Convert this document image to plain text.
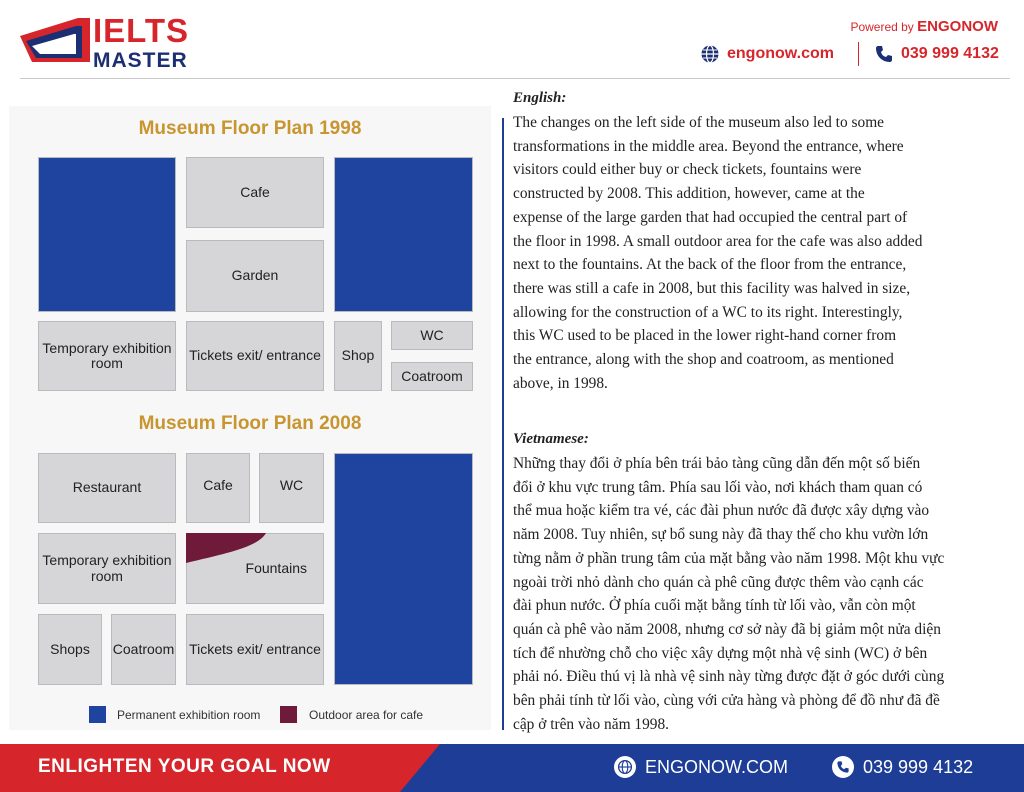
IELTS
MASTER
Powered by ENGONOW
engonow.com	039 999 4132
Museum Floor Plan 1998
Cafe
Garden
Temporary exhibition room	Tickets exit/ entrance	Shop
WC
Coatroom
Museum Floor Plan 2008
Restaurant	Cafe	WC
Temporary exhibition room	Fountains
Shops	Coatroom Tickets exit/ entrance
Permanent exhibition room	Outdoor area for cafe
English:
The changes on the left side of the museum also led to some
transformations in the middle area. Beyond the entrance, where
visitors could either buy or check tickets, fountains were
constructed by 2008. This addition, however, came at the
expense of the large garden that had occupied the central part of
the floor in 1998. A small outdoor area for the cafe was also added
next to the fountains. At the back of the floor from the entrance,
there was still a cafe in 2008, but this facility was halved in size,
allowing for the construction of a WC to its right. Interestingly,
this WC used to be placed in the lower right-hand corner from
the entrance, along with the shop and coatroom, as mentioned
above, in 1998.
Vietnamese:
Những thay đổi ở phía bên trái bảo tàng cũng dẫn đến một số biến
đổi ở khu vực trung tâm. Phía sau lối vào, nơi khách tham quan có
thể mua hoặc kiểm tra vé, các đài phun nước đã được xây dựng vào
năm 2008. Tuy nhiên, sự bổ sung này đã thay thế cho khu vườn lớn
từng nằm ở phần trung tâm của mặt bằng vào năm 1998. Một khu vực
ngoài trời nhỏ dành cho quán cà phê cũng được thêm vào cạnh các
đài phun nước. Ở phía cuối mặt bằng tính từ lối vào, vẫn còn một
quán cà phê vào năm 2008, nhưng cơ sở này đã bị giảm một nửa diện
tích để nhường chỗ cho việc xây dựng một nhà vệ sinh (WC) ở bên
phải nó. Điều thú vị là nhà vệ sinh này từng được đặt ở góc dưới cùng
bên phải tính từ lối vào, cùng với cửa hàng và phòng để đồ như đã đề
cập ở trên vào năm 1998.
ENLIGHTEN YOUR GOAL NOW	ENGONOW.COM	039 999 4132
